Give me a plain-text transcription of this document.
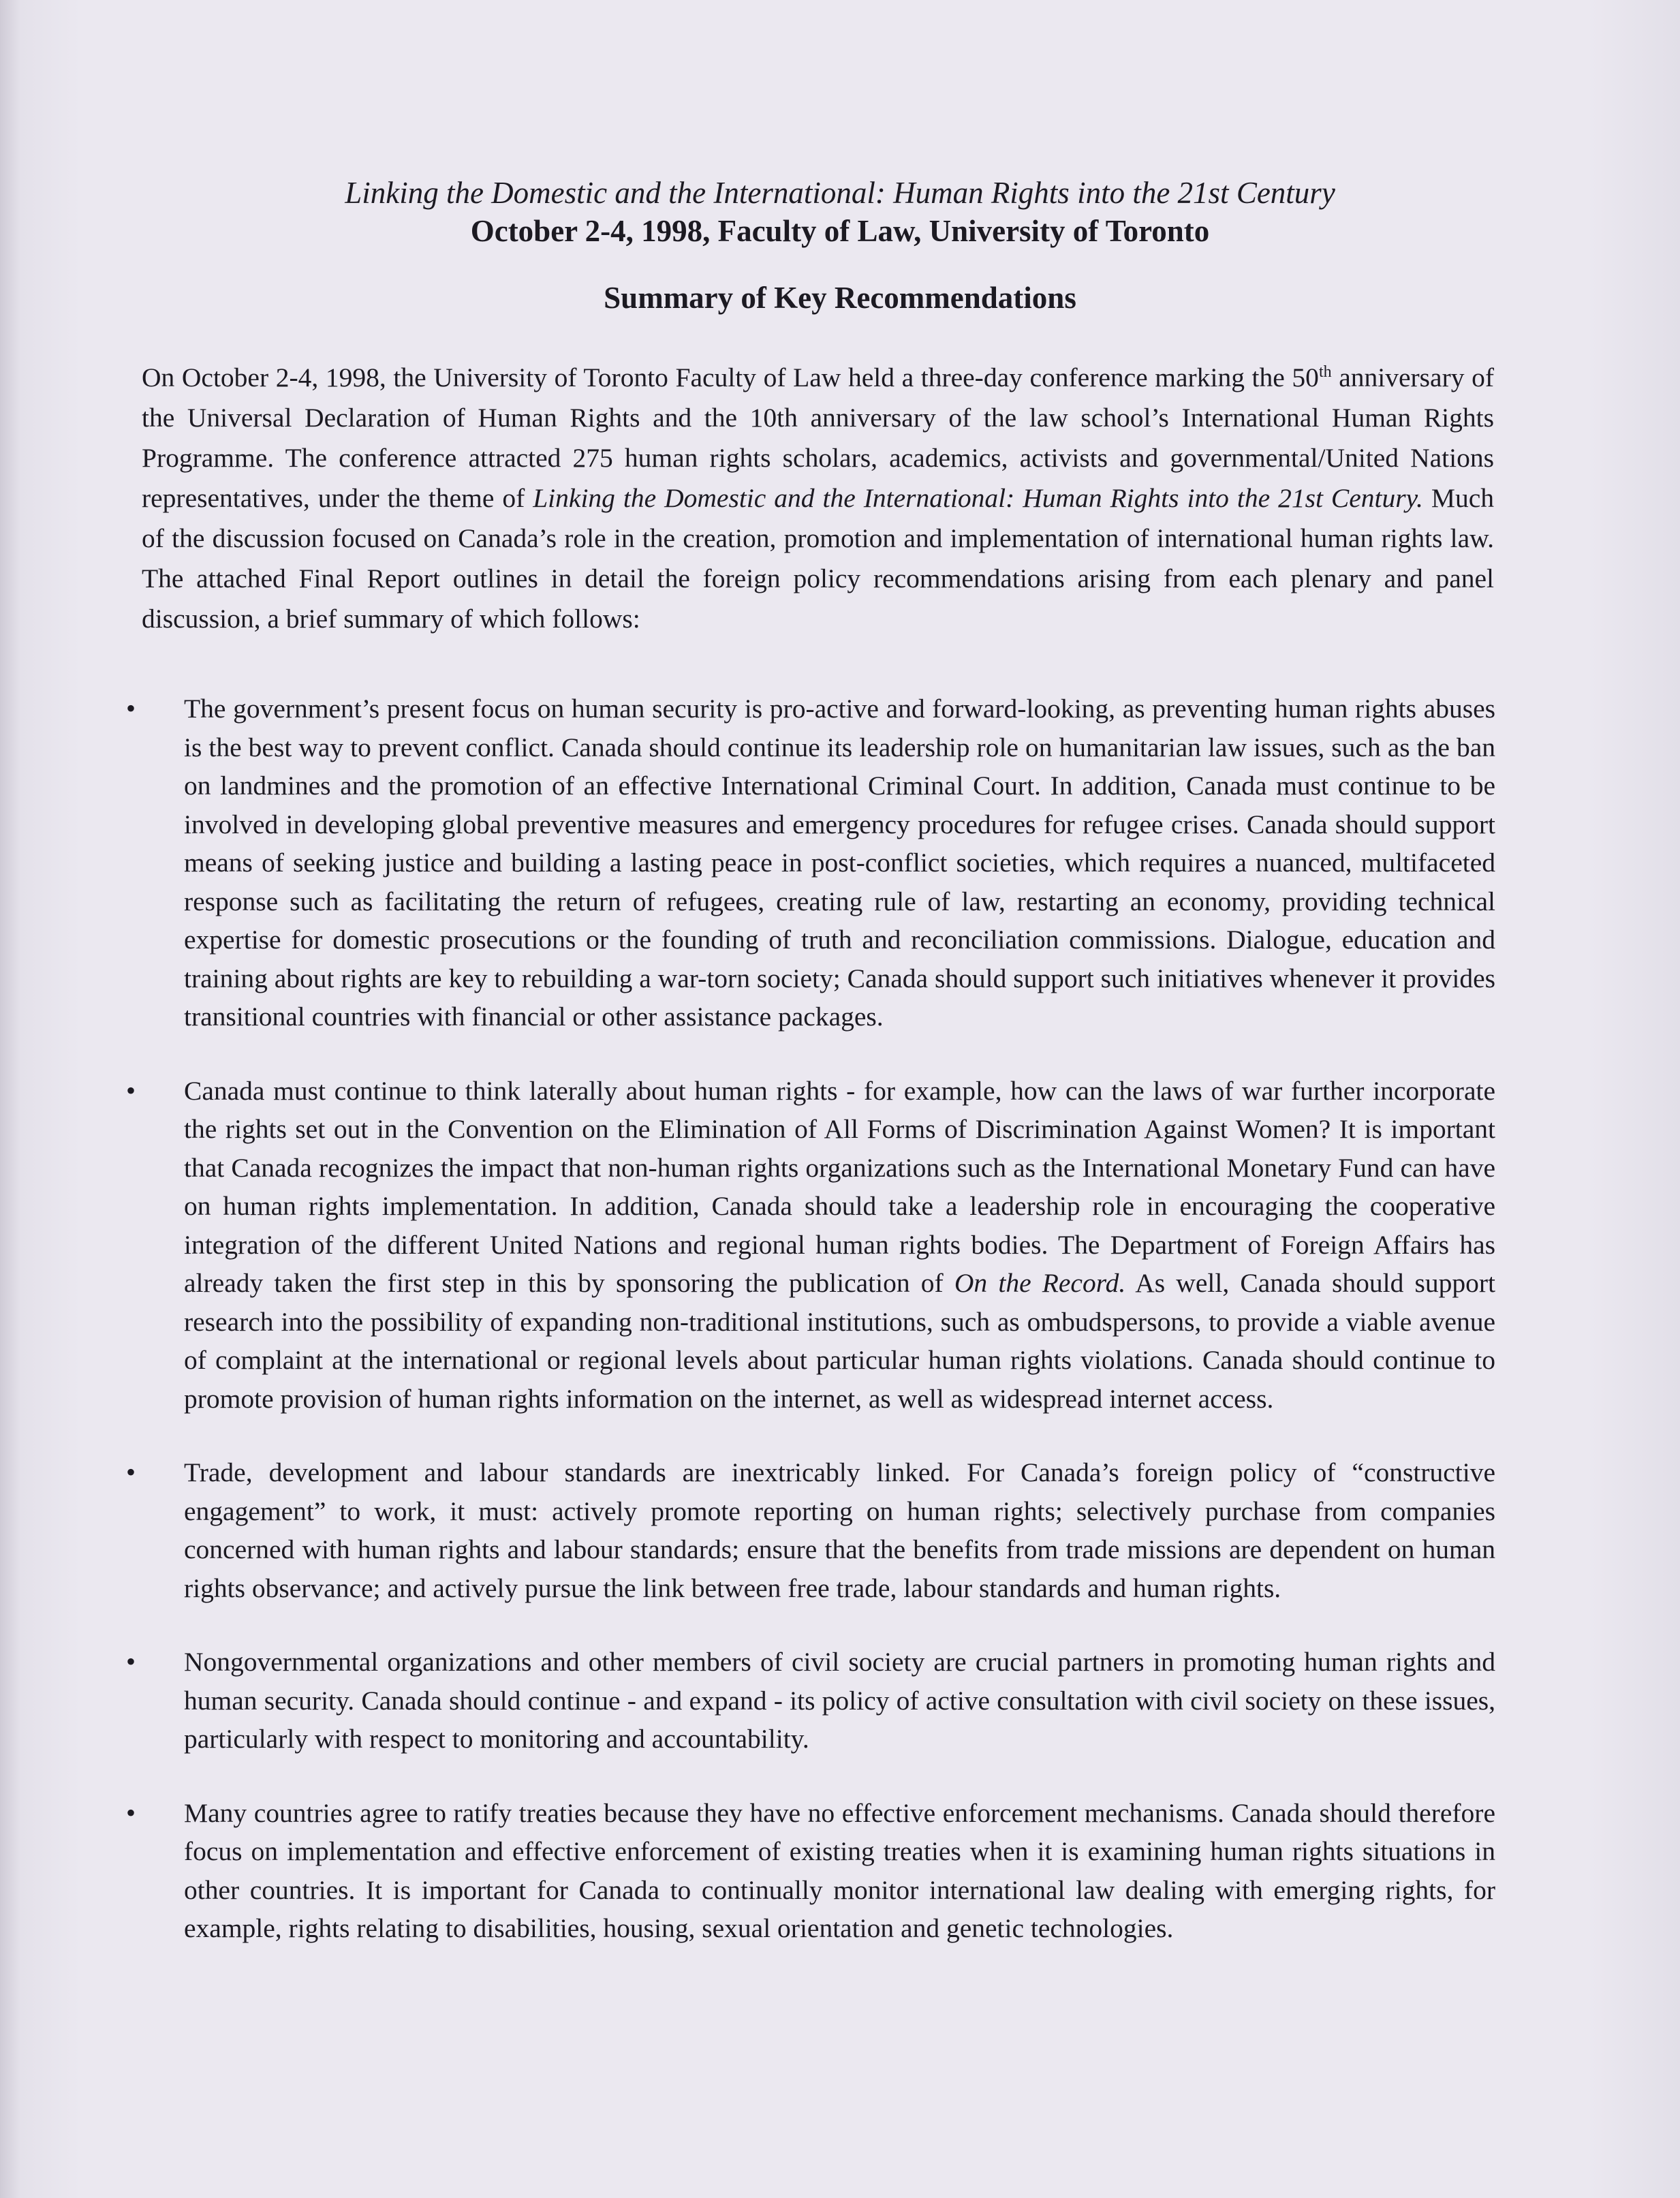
Linking the Domestic and the International: Human Rights into the 21st Century

October 2-4, 1998, Faculty of Law, University of Toronto

Summary of Key Recommendations

On October 2-4, 1998, the University of Toronto Faculty of Law held a three-day conference marking the 50th anniversary of the Universal Declaration of Human Rights and the 10th anniversary of the law school’s International Human Rights Programme. The conference attracted 275 human rights scholars, academics, activists and governmental/United Nations representatives, under the theme of Linking the Domestic and the International: Human Rights into the 21st Century. Much of the discussion focused on Canada’s role in the creation, promotion and implementation of international human rights law. The attached Final Report outlines in detail the foreign policy recommendations arising from each plenary and panel discussion, a brief summary of which follows:

•	The government’s present focus on human security is pro-active and forward-looking, as preventing human rights abuses is the best way to prevent conflict. Canada should continue its leadership role on humanitarian law issues, such as the ban on landmines and the promotion of an effective International Criminal Court. In addition, Canada must continue to be involved in developing global preventive measures and emergency procedures for refugee crises. Canada should support means of seeking justice and building a lasting peace in post-conflict societies, which requires a nuanced, multifaceted response such as facilitating the return of refugees, creating rule of law, restarting an economy, providing technical expertise for domestic prosecutions or the founding of truth and reconciliation commissions. Dialogue, education and training about rights are key to rebuilding a war-torn society; Canada should support such initiatives whenever it provides transitional countries with financial or other assistance packages.
•	Canada must continue to think laterally about human rights - for example, how can the laws of war further incorporate the rights set out in the Convention on the Elimination of All Forms of Discrimination Against Women? It is important that Canada recognizes the impact that non-human rights organizations such as the International Monetary Fund can have on human rights implementation. In addition, Canada should take a leadership role in encouraging the cooperative integration of the different United Nations and regional human rights bodies. The Department of Foreign Affairs has already taken the first step in this by sponsoring the publication of On the Record. As well, Canada should support research into the possibility of expanding non-traditional institutions, such as ombudspersons, to provide a viable avenue of complaint at the international or regional levels about particular human rights violations. Canada should continue to promote provision of human rights information on the internet, as well as widespread internet access.
•	Trade, development and labour standards are inextricably linked. For Canada’s foreign policy of “constructive engagement” to work, it must: actively promote reporting on human rights; selectively purchase from companies concerned with human rights and labour standards; ensure that the benefits from trade missions are dependent on human rights observance; and actively pursue the link between free trade, labour standards and human rights.
•	Nongovernmental organizations and other members of civil society are crucial partners in promoting human rights and human security. Canada should continue - and expand - its policy of active consultation with civil society on these issues, particularly with respect to monitoring and accountability.
•	Many countries agree to ratify treaties because they have no effective enforcement mechanisms. Canada should therefore focus on implementation and effective enforcement of existing treaties when it is examining human rights situations in other countries. It is important for Canada to continually monitor international law dealing with emerging rights, for example, rights relating to disabilities, housing, sexual orientation and genetic technologies.
